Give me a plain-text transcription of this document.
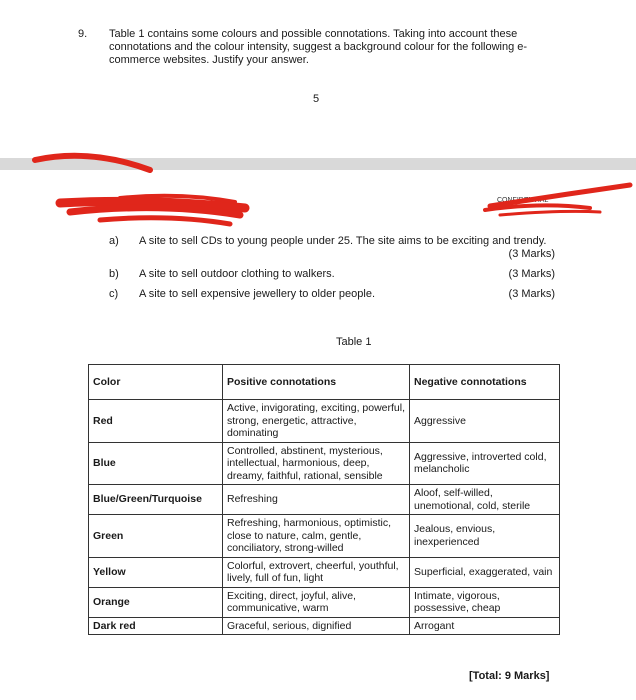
9. Table 1 contains some colours and possible connotations. Taking into account these connotations and the colour intensity, suggest a background colour for the following e-commerce websites. Justify your answer.
5
2023 Final Examination	CONFIDENTIAL
a) A site to sell CDs to young people under 25. The site aims to be exciting and trendy.
(3 Marks)
b) A site to sell outdoor clothing to walkers.	(3 Marks)
c) A site to sell expensive jewellery to older people.	(3 Marks)
Table 1
Color	Positive connotations	Negative connotations
Red	Active, invigorating, exciting, powerful, strong, energetic, attractive, dominating	Aggressive
Blue	Controlled, abstinent, mysterious, intellectual, harmonious, deep, dreamy, faithful, rational, sensible	Aggressive, introverted cold, melancholic
Blue/Green/Turquoise	Refreshing	Aloof, self-willed, unemotional, cold, sterile
Green	Refreshing, harmonious, optimistic, close to nature, calm, gentle, conciliatory, strong-willed	Jealous, envious, inexperienced
Yellow	Colorful, extrovert, cheerful, youthful, lively, full of fun, light	Superficial, exaggerated, vain
Orange	Exciting, direct, joyful, alive, communicative, warm	Intimate, vigorous, possessive, cheap
Dark red	Graceful, serious, dignified	Arrogant
[Total: 9 Marks]
